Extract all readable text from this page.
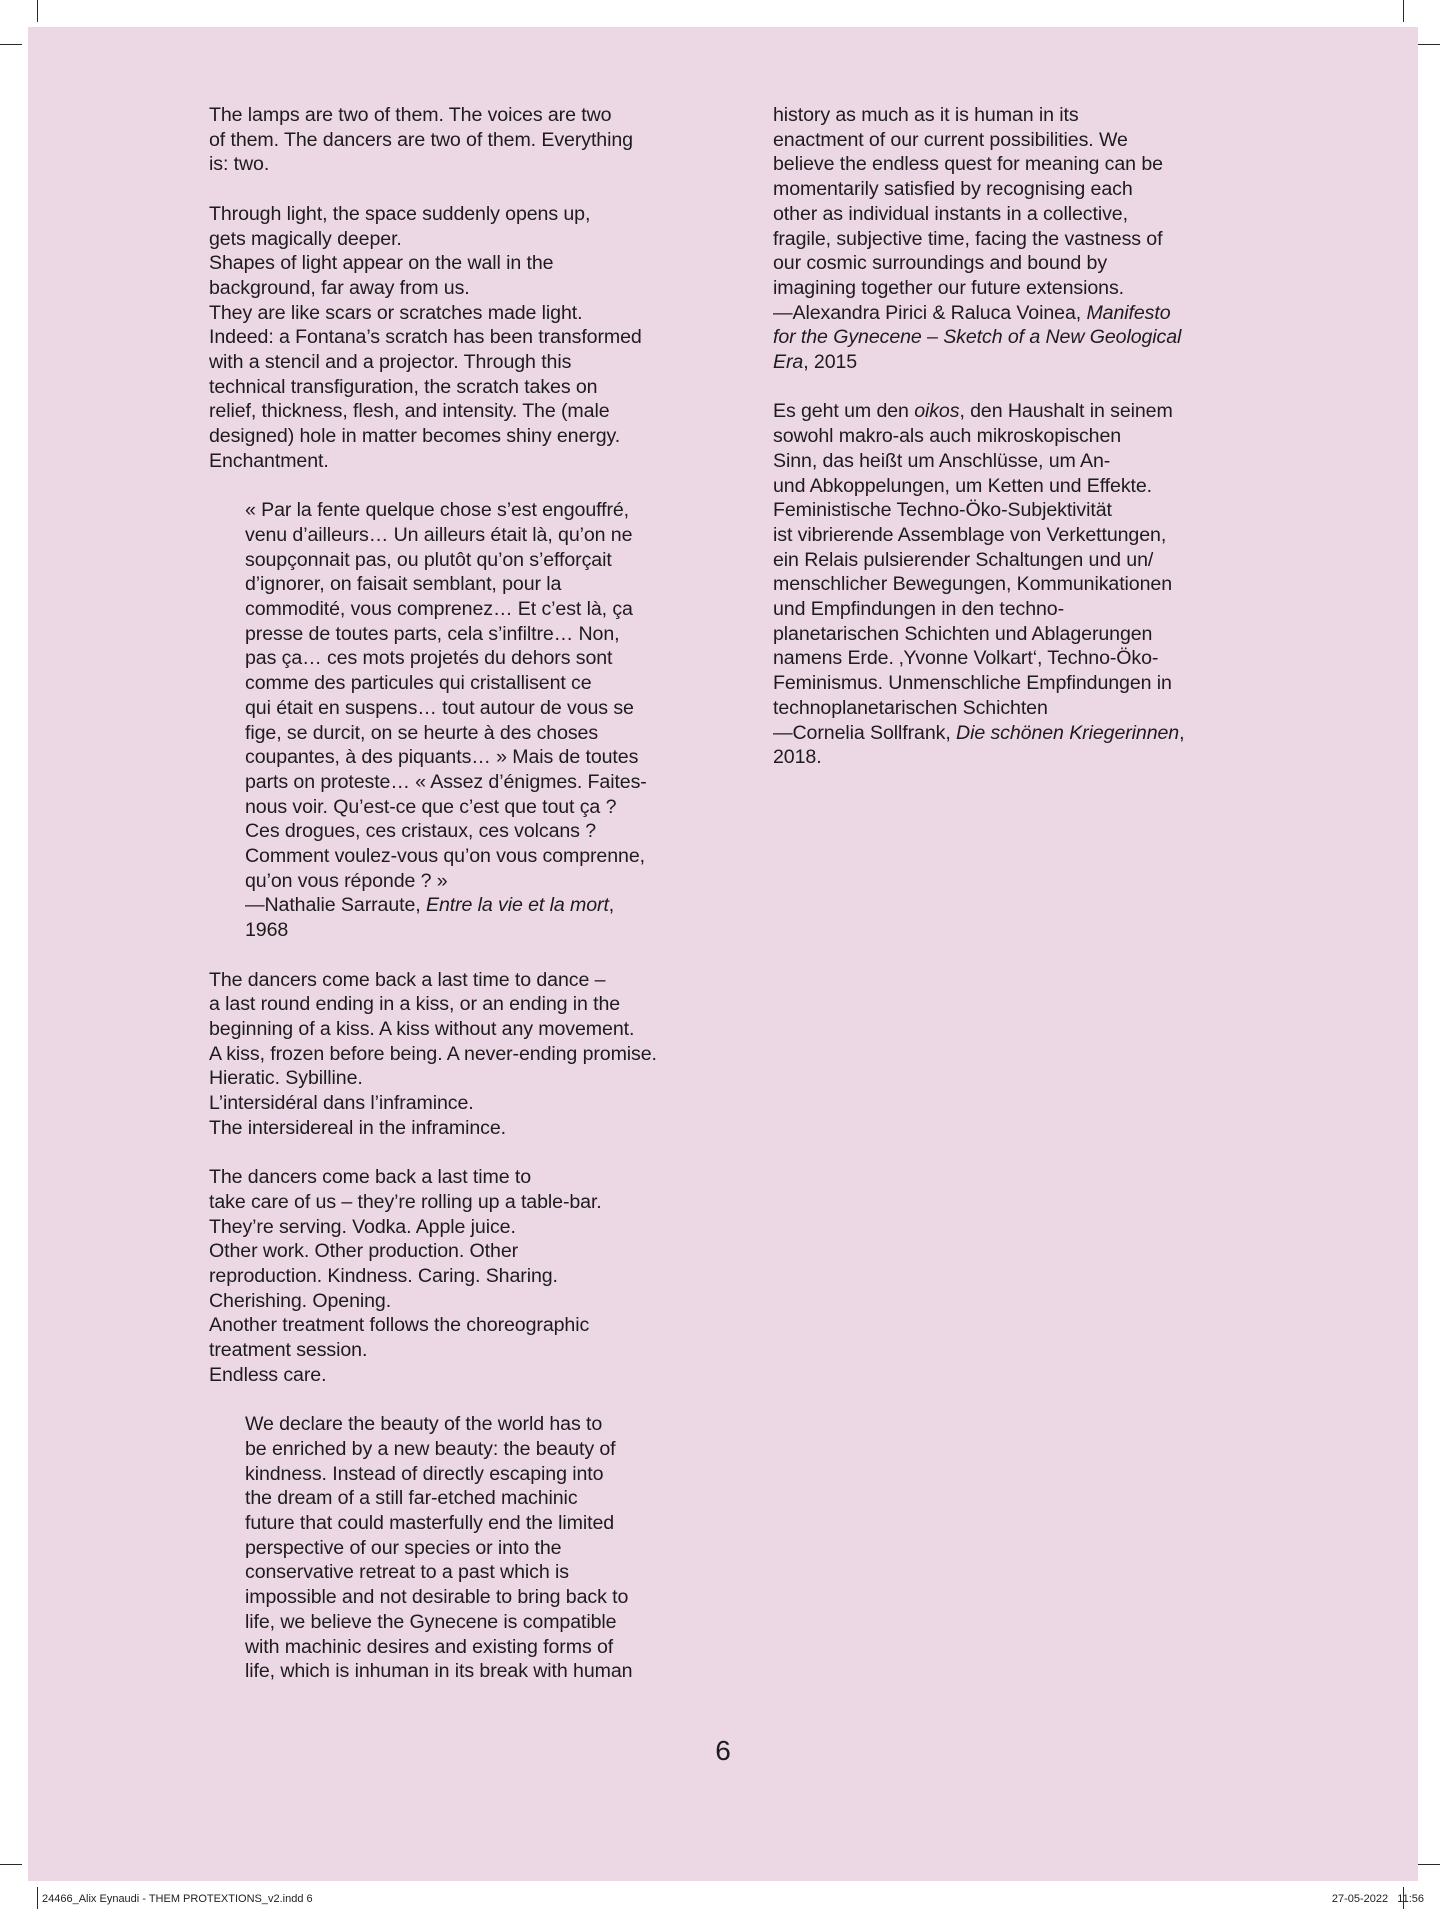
The lamps are two of them. The voices are two
of them. The dancers are two of them. Everything
is: two.

Through light, the space suddenly opens up,
gets magically deeper.
Shapes of light appear on the wall in the
background, far away from us.
They are like scars or scratches made light.
Indeed: a Fontana’s scratch has been transformed
with a stencil and a projector. Through this
technical transfiguration, the scratch takes on
relief, thickness, flesh, and intensity. The (male
designed) hole in matter becomes shiny energy.
Enchantment.

« Par la fente quelque chose s’est engouffré,
venu d’ailleurs… Un ailleurs était là, qu’on ne
soupçonnait pas, ou plutôt qu’on s’efforçait
d’ignorer, on faisait semblant, pour la
commodité, vous comprenez… Et c’est là, ça
presse de toutes parts, cela s’infiltre… Non,
pas ça… ces mots projetés du dehors sont
comme des particules qui cristallisent ce
qui était en suspens… tout autour de vous se
fige, se durcit, on se heurte à des choses
coupantes, à des piquants… » Mais de toutes
parts on proteste… « Assez d’énigmes. Faites-
nous voir. Qu’est-ce que c’est que tout ça ?
Ces drogues, ces cristaux, ces volcans ?
Comment voulez-vous qu’on vous comprenne,
qu’on vous réponde ? »
—Nathalie Sarraute, Entre la vie et la mort,
1968

The dancers come back a last time to dance –
a last round ending in a kiss, or an ending in the
beginning of a kiss. A kiss without any movement.
A kiss, frozen before being. A never-ending promise.
Hieratic. Sybilline.
L’intersidéral dans l’inframince.
The intersidereal in the inframince.

The dancers come back a last time to
take care of us – they’re rolling up a table-bar.
They’re serving. Vodka. Apple juice.
Other work. Other production. Other
reproduction. Kindness. Caring. Sharing.
Cherishing. Opening.
Another treatment follows the choreographic
treatment session.
Endless care.

We declare the beauty of the world has to
be enriched by a new beauty: the beauty of
kindness. Instead of directly escaping into
the dream of a still far-etched machinic
future that could masterfully end the limited
perspective of our species or into the
conservative retreat to a past which is
impossible and not desirable to bring back to
life, we believe the Gynecene is compatible
with machinic desires and existing forms of
life, which is inhuman in its break with human

history as much as it is human in its
enactment of our current possibilities. We
believe the endless quest for meaning can be
momentarily satisfied by recognising each
other as individual instants in a collective,
fragile, subjective time, facing the vastness of
our cosmic surroundings and bound by
imagining together our future extensions.
—Alexandra Pirici & Raluca Voinea, Manifesto
for the Gynecene – Sketch of a New Geological
Era, 2015

Es geht um den oikos, den Haushalt in seinem
sowohl makro-als auch mikroskopischen
Sinn, das heißt um Anschlüsse, um An-
und Abkoppelungen, um Ketten und Effekte.
Feministische Techno-Öko-Subjektivität
ist vibrierende Assemblage von Verkettungen,
ein Relais pulsierender Schaltungen und un/
menschlicher Bewegungen, Kommunikationen
und Empfindungen in den techno-
planetarischen Schichten und Ablagerungen
namens Erde. ‚Yvonne Volkart‘, Techno-Öko-
Feminismus. Unmenschliche Empfindungen in
technoplanetarischen Schichten
—Cornelia Sollfrank, Die schönen Kriegerinnen,
2018.

6
24466_Alix Eynaudi - THEM PROTEXTIONS_v2.indd 6	27-05-2022   11:56
